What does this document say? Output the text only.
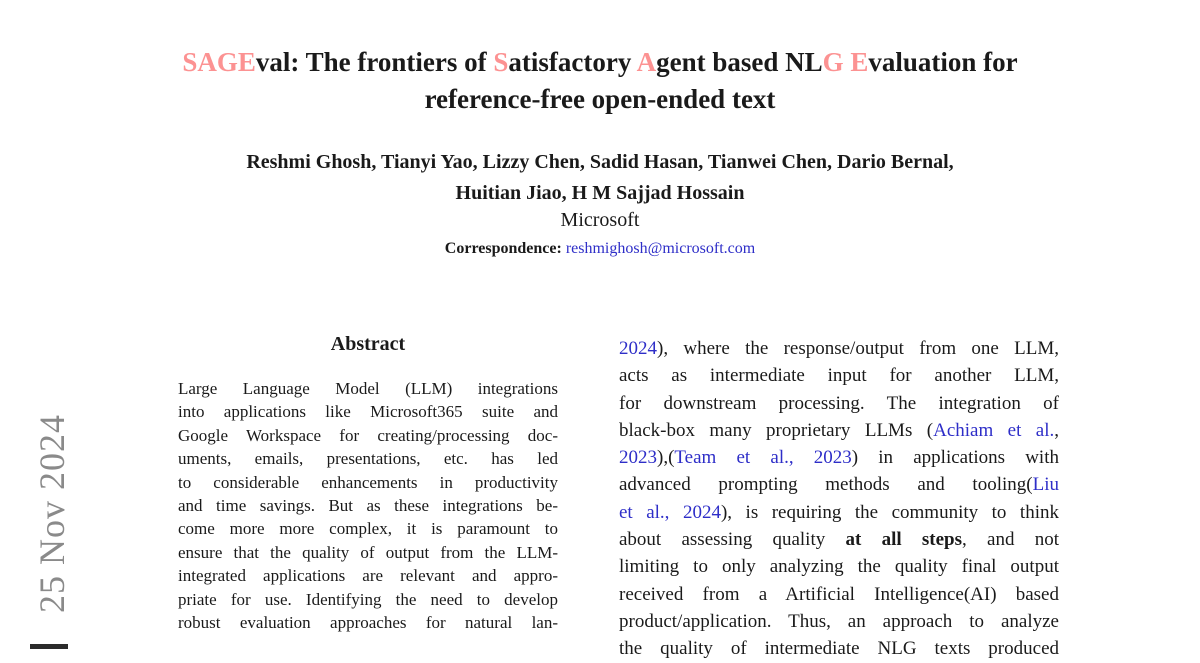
25 Nov 2024
SAGEval: The frontiers of Satisfactory Agent based NLG Evaluation for
reference-free open-ended text
Reshmi Ghosh, Tianyi Yao, Lizzy Chen, Sadid Hasan, Tianwei Chen, Dario Bernal,
Huitian Jiao, H M Sajjad Hossain
Microsoft
Correspondence: reshmighosh@microsoft.com
Abstract
Large Language Model (LLM) integrations
into applications like Microsoft365 suite and
Google Workspace for creating/processing doc-
uments, emails, presentations, etc. has led
to considerable enhancements in productivity
and time savings. But as these integrations be-
come more more complex, it is paramount to
ensure that the quality of output from the LLM-
integrated applications are relevant and appro-
priate for use. Identifying the need to develop
robust evaluation approaches for natural lan-
2024), where the response/output from one LLM,
acts as intermediate input for another LLM,
for downstream processing. The integration of
black-box many proprietary LLMs (Achiam et al.,
2023),(Team et al., 2023) in applications with
advanced prompting methods and tooling(Liu
et al., 2024), is requiring the community to think
about assessing quality at all steps, and not
limiting to only analyzing the quality final output
received from a Artificial Intelligence(AI) based
product/application. Thus, an approach to analyze
the quality of intermediate NLG texts produced
